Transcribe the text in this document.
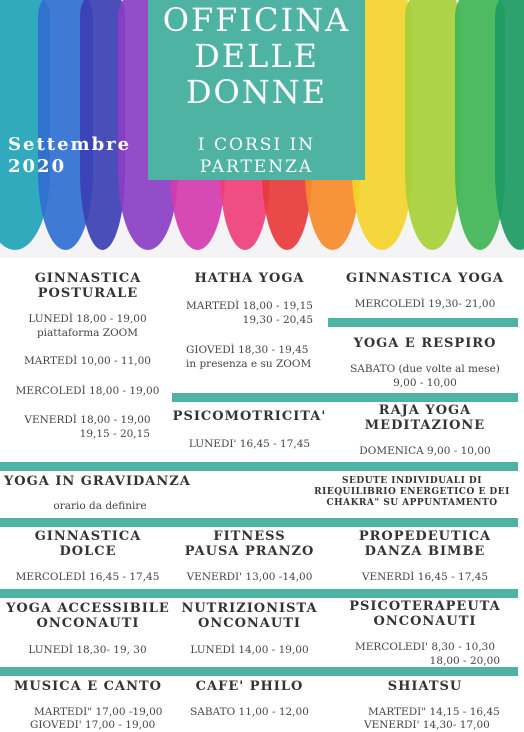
Settembre
2020
OFFICINA
DELLE
DONNE
I CORSI IN
PARTENZA
GINNASTICA
POSTURALE
LUNEDÌ 18,00 - 19,00
piattaforma ZOOM
MARTEDÌ 10,00 - 11,00
MERCOLEDÌ 18,00 - 19,00
VENERDÌ 18,00 - 19,00
19,15 - 20,15
HATHA YOGA
MARTEDÌ 18,00 - 19,15
19,30 - 20,45
GIOVEDÌ 18,30 - 19,45
in presenza e su ZOOM
GINNASTICA YOGA
MERCOLEDÌ 19,30- 21,00
YOGA E RESPIRO
SABATO (due volte al mese)
9,00 - 10,00
PSICOMOTRICITA'
LUNEDI' 16,45 - 17,45
RAJA YOGA
MEDITAZIONE
DOMENICA 9,00 - 10,00
YOGA IN GRAVIDANZA
orario da definire
SEDUTE INDIVIDUALI DI
RIEQUILIBRIO ENERGETICO E DEI
CHAKRA" SU APPUNTAMENTO
GINNASTICA
DOLCE
MERCOLEDÌ 16,45 - 17,45
FITNESS
PAUSA PRANZO
VENERDI' 13,00 -14,00
PROPEDEUTICA
DANZA BIMBE
VENERDÌ 16,45 - 17,45
YOGA ACCESSIBILE
ONCONAUTI
LUNEDÌ 18,30- 19, 30
NUTRIZIONISTA
ONCONAUTI
LUNEDÌ 14,00 - 19,00
PSICOTERAPEUTA
ONCONAUTI
MERCOLEDI' 8,30 - 10,30
18,00 - 20,00
MUSICA E CANTO
MARTEDI" 17,00 -19,00
GIOVEDI' 17,00 - 19,00
CAFE' PHILO
SABATO 11,00 - 12,00
SHIATSU
MARTEDI" 14,15 - 16,45
VENERDI' 14,30- 17,00
